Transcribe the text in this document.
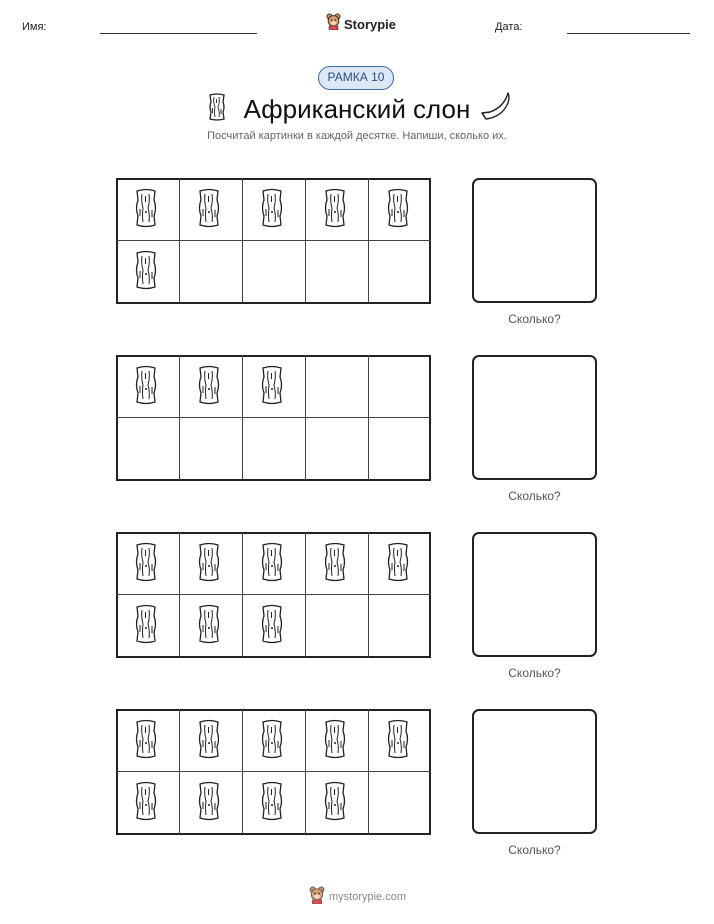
Имя:	Storypie	Дата:
РАМКА 10
Африканский слон
Посчитай картинки в каждой десятке. Напиши, сколько их.
Сколько?
Сколько?
Сколько?
Сколько?
mystorypie.com
